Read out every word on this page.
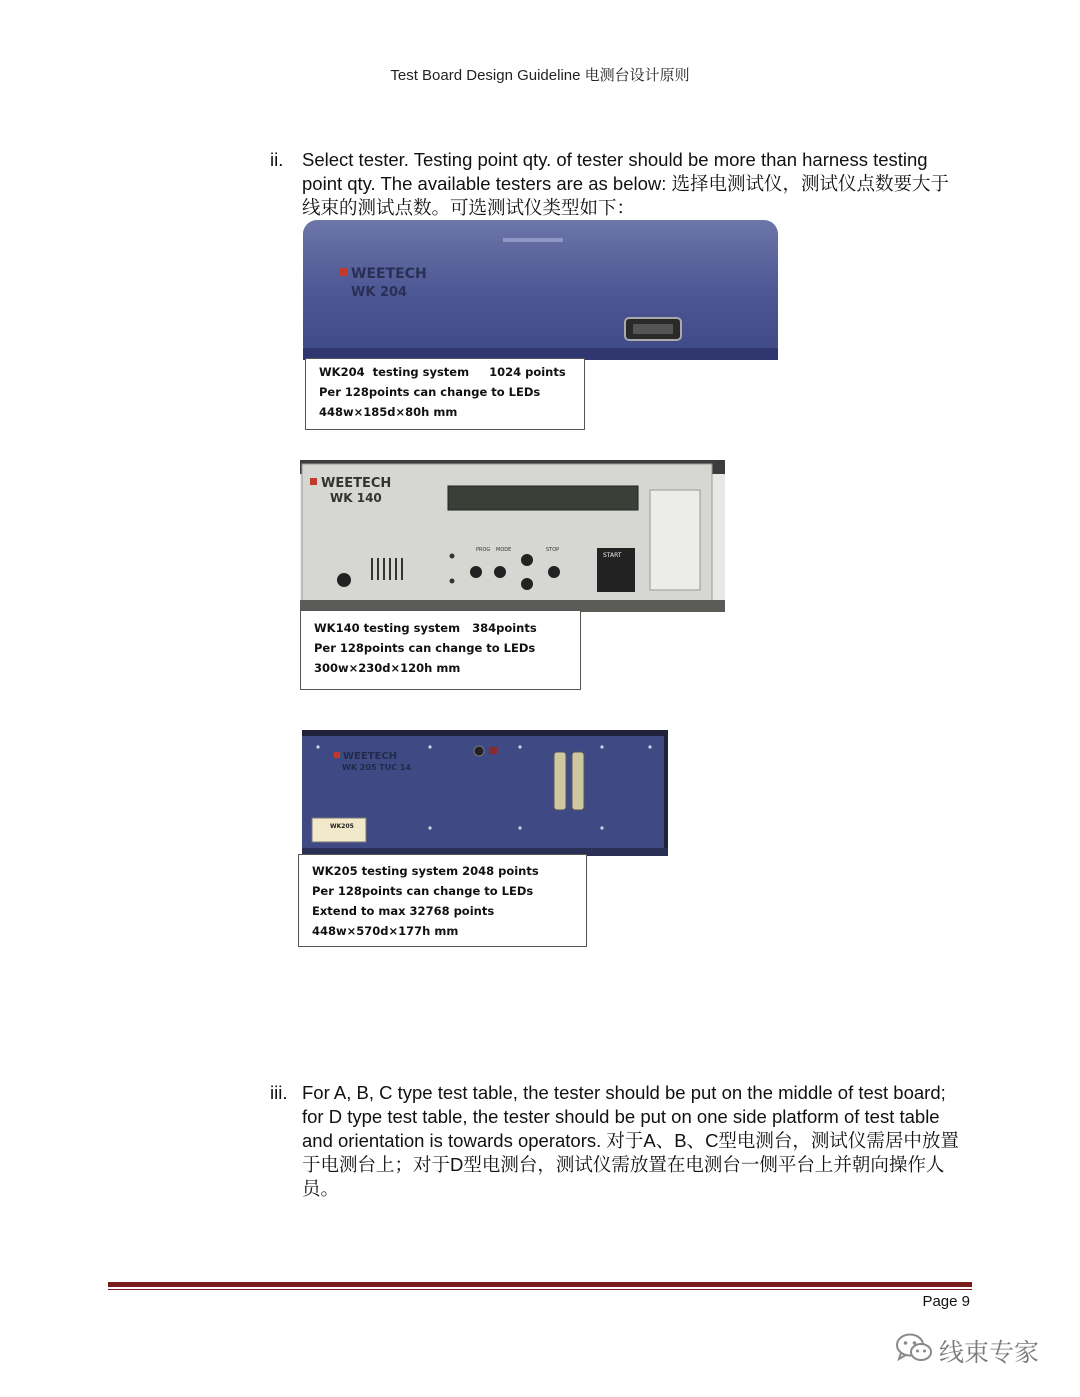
Test Board Design Guideline 电测台设计原则
ii. Select tester. Testing point qty. of tester should be more than harness testing point qty. The available testers are as below: 选择电测试仪，测试仪点数要大于线束的测试点数。可选测试仪类型如下：
WEETECH
WK 204
WK204  testing system     1024 points
Per 128points can change to LEDs
448w×185d×80h mm
WEETECH
WK 140
PROG MODE	STOP
START
WK140 testing system   384points
Per 128points can change to LEDs
300w×230d×120h mm
WEETECH
WK 205 TUC 14
WK205
WK205 testing system 2048 points
Per 128points can change to LEDs
Extend to max 32768 points
448w×570d×177h mm
iii. For A, B, C type test table, the tester should be put on the middle of test board; for D type test table, the tester should be put on one side platform of test table and orientation is towards operators. 对于A、B、C型电测台，测试仪需居中放置于电测台上；对于D型电测台，测试仪需放置在电测台一侧平台上并朝向操作人员。
Page 9
线束专家
